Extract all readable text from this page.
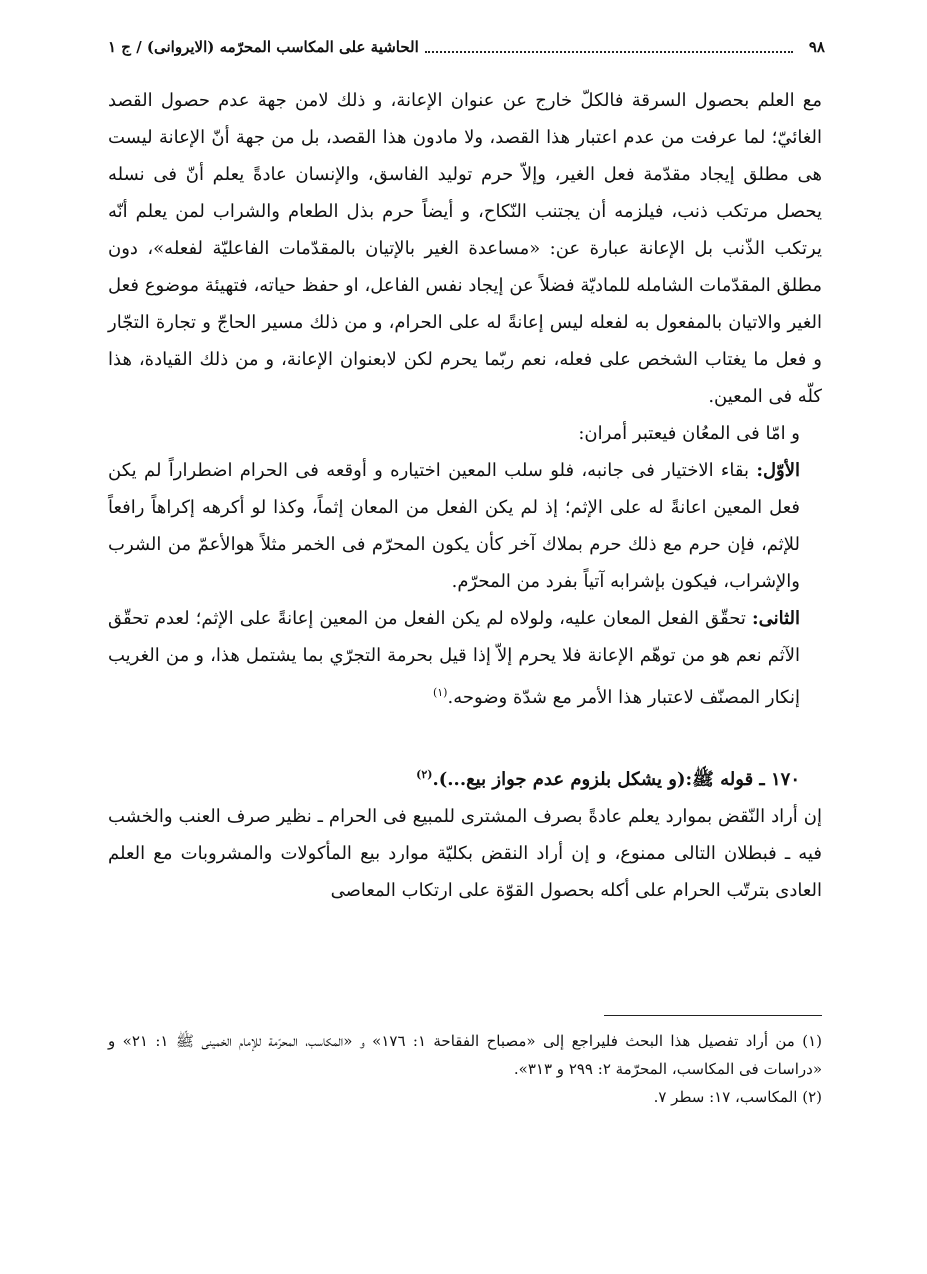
٩٨
الحاشية على المكاسب المحرّمه (الايروانى) / ج ١

مع العلم بحصول السرقة فالكلّ خارج عن عنوان الإعانة، و ذلك لامن جهة عدم حصول القصد الغائيّ؛ لما عرفت من عدم اعتبار هذا القصد، ولا مادون هذا القصد، بل من جهة أنّ الإعانة ليست هى مطلق إيجاد مقدّمة فعل الغير، وإلاّ حرم توليد الفاسق، والإنسان عادةً يعلم أنّ فى نسله يحصل مرتكب ذنب، فيلزمه أن يجتنب النّكاح، و أيضاً حرم بذل الطعام والشراب لمن يعلم أنّه يرتكب الذّنب بل الإعانة عبارة عن: «مساعدة الغير بالإتيان بالمقدّمات الفاعليّة لفعله»، دون مطلق المقدّمات الشامله للماديّة فضلاً عن إيجاد نفس الفاعل، او حفظ حياته، فتهيئة موضوع فعل الغير والاتيان بالمفعول به لفعله ليس إعانةً له على الحرام، و من ذلك مسير الحاجّ و تجارة التجّار و فعل ما يغتاب الشخص على فعله، نعم ربّما يحرم لكن لابعنوان الإعانة، و من ذلك القيادة، هذا كلّه فى المعين.

و امّا فى المعُان فيعتبر أمران:

الأوّل: بقاء الاختيار فى جانبه، فلو سلب المعين اختياره و أوقعه فى الحرام اضطراراً لم يكن فعل المعين اعانةً له على الإثم؛ إذ لم يكن الفعل من المعان إثماً، وكذا لو أكرهه إكراهاً رافعاً للإثم، فإن حرم مع ذلك حرم بملاك آخر كأن يكون المحرّم فى الخمر مثلاً هوالأعمّ من الشرب والإشراب، فيكون بإشرابه آتياً بفرد من المحرّم.

الثانى: تحقّق الفعل المعان عليه، ولولاه لم يكن الفعل من المعين إعانةً على الإثم؛ لعدم تحقّق الآثم نعم هو من توهّم الإعانة فلا يحرم إلاّ إذا قيل بحرمة التجرّي بما يشتمل هذا، و من الغريب إنكار المصنّف لاعتبار هذا الأمر مع شدّة وضوحه.$^{(١)}$

١٧٠ ـ قوله ﷺ:(و يشكل بلزوم عدم جواز بيع...).$^{(٢)}$

إن أراد النّقض بموارد يعلم عادةً بصرف المشترى للمبيع فى الحرام ـ نظير صرف العنب والخشب فيه ـ فبطلان التالى ممنوع، و إن أراد النقض بكليّة موارد بيع المأكولات والمشروبات مع العلم العادى بترتّب الحرام على أكله بحصول القوّة على ارتكاب المعاصى

(١) من أراد تفصيل هذا البحث فليراجع إلى «مصباح الفقاحة ١: ١٧٦» و «المكاسب، المحرّمة للإمام الخمينى ﷺ ١: ٢١» و «دراسات فى المكاسب، المحرّمة ٢: ٢٩٩ و ٣١٣».

(٢) المكاسب، ١٧: سطر ٧.
